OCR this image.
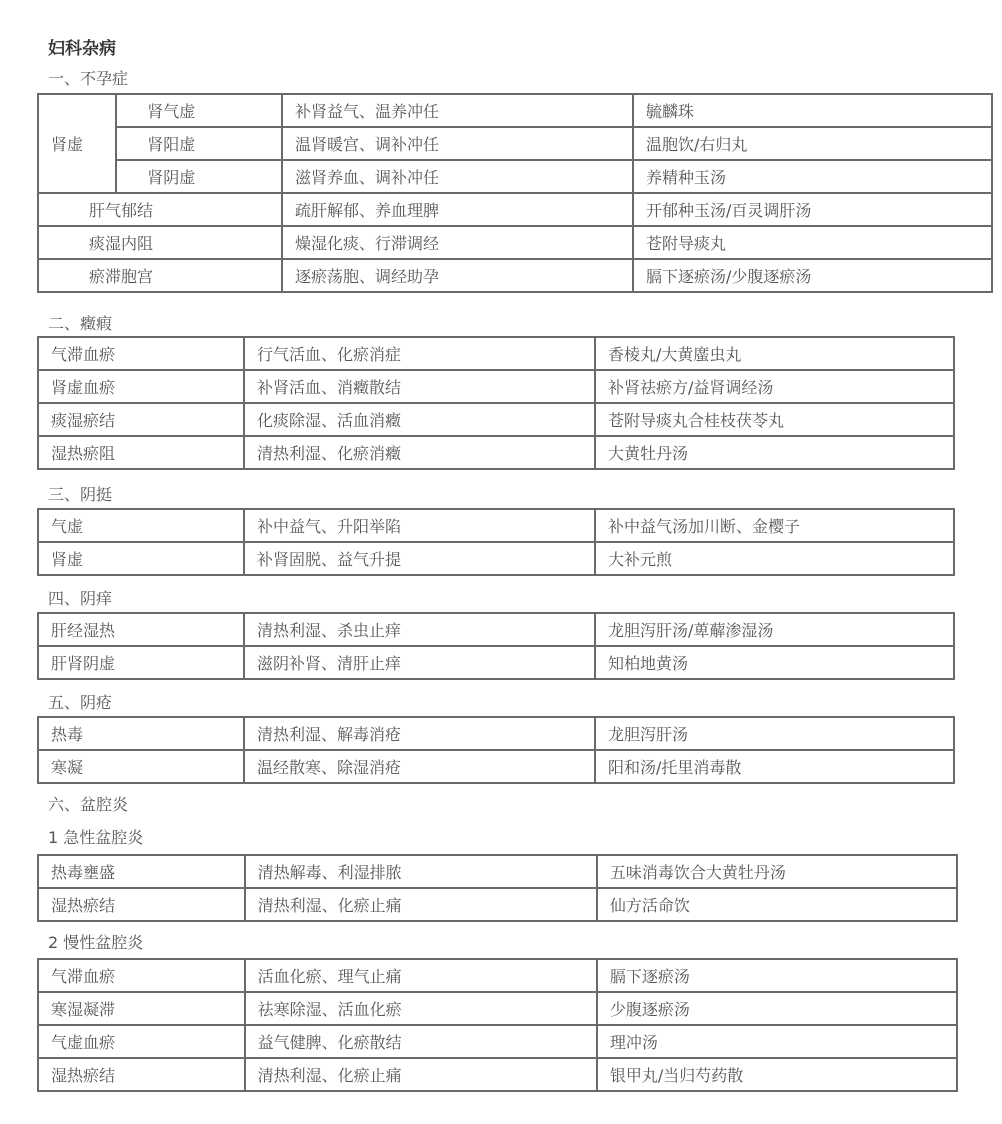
妇科杂病
一、不孕症
肾虚	肾气虚	补肾益气、温养冲任	毓麟珠
	肾阳虚	温肾暖宫、调补冲任	温胞饮/右归丸
	肾阴虚	滋肾养血、调补冲任	养精种玉汤
肝气郁结		疏肝解郁、养血理脾	开郁种玉汤/百灵调肝汤
痰湿内阻		燥湿化痰、行滞调经	苍附导痰丸
瘀滞胞宫		逐瘀荡胞、调经助孕	膈下逐瘀汤/少腹逐瘀汤
二、癥瘕
气滞血瘀	行气活血、化瘀消症	香棱丸/大黄䗪虫丸
肾虚血瘀	补肾活血、消癥散结	补肾祛瘀方/益肾调经汤
痰湿瘀结	化痰除湿、活血消癥	苍附导痰丸合桂枝茯苓丸
湿热瘀阻	清热利湿、化瘀消癥	大黄牡丹汤
三、阴挺
气虚	补中益气、升阳举陷	补中益气汤加川断、金樱子
肾虚	补肾固脱、益气升提	大补元煎
四、阴痒
肝经湿热	清热利湿、杀虫止痒	龙胆泻肝汤/萆薢渗湿汤
肝肾阴虚	滋阴补肾、清肝止痒	知柏地黄汤
五、阴疮
热毒	清热利湿、解毒消疮	龙胆泻肝汤
寒凝	温经散寒、除湿消疮	阳和汤/托里消毒散
六、盆腔炎
1 急性盆腔炎
热毒壅盛	清热解毒、利湿排脓	五味消毒饮合大黄牡丹汤
湿热瘀结	清热利湿、化瘀止痛	仙方活命饮
2 慢性盆腔炎
气滞血瘀	活血化瘀、理气止痛	膈下逐瘀汤
寒湿凝滞	祛寒除湿、活血化瘀	少腹逐瘀汤
气虚血瘀	益气健脾、化瘀散结	理冲汤
湿热瘀结	清热利湿、化瘀止痛	银甲丸/当归芍药散
